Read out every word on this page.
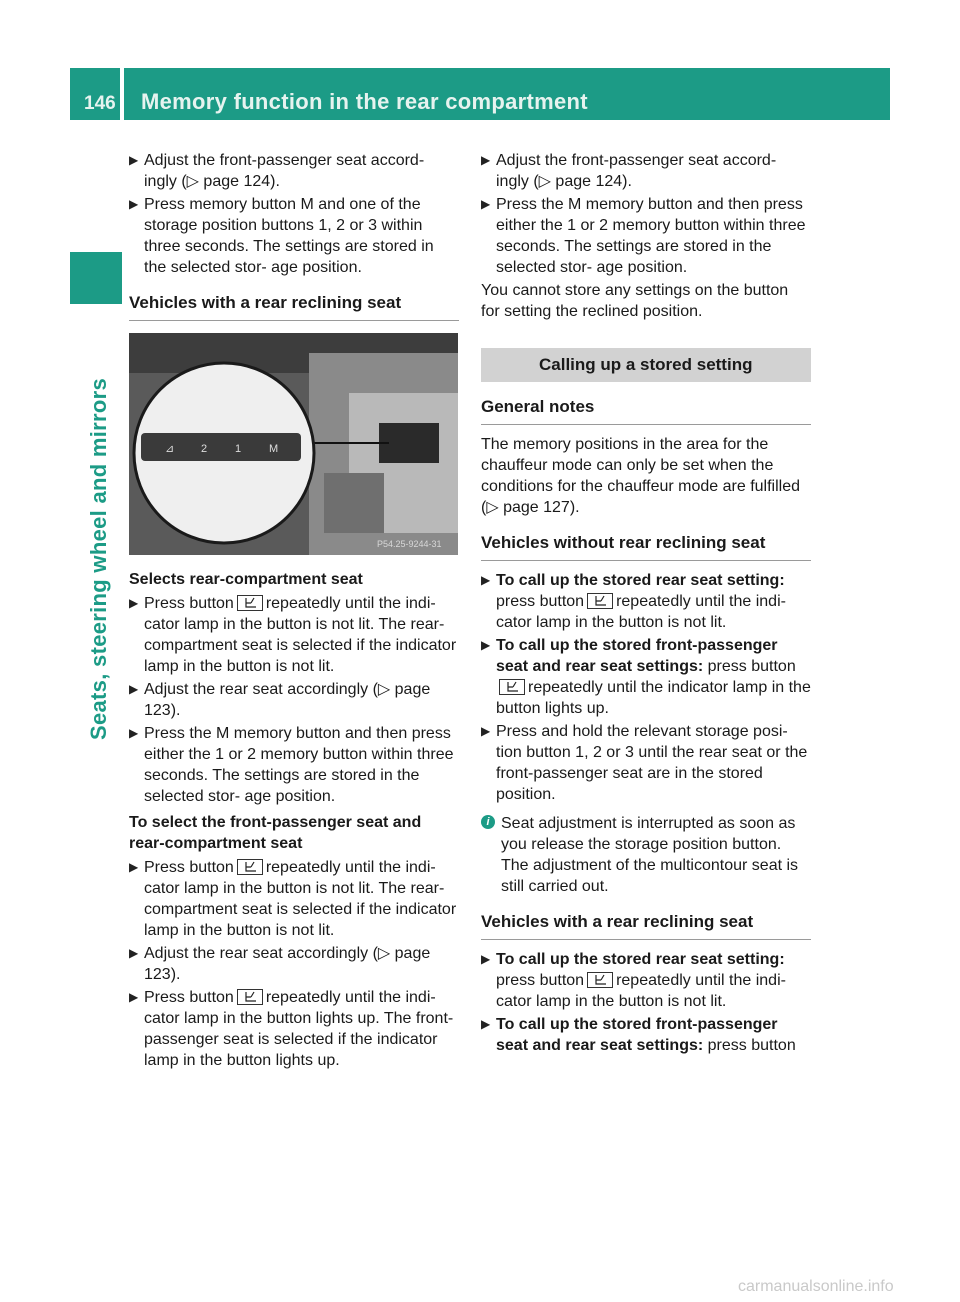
146 Memory function in the rear compartment
Seats, steering wheel and mirrors
▶ Adjust the front-passenger seat accord- ingly (▷ page 124).
▶ Press memory button M and one of the storage position buttons 1, 2 or 3 within three seconds. The settings are stored in the selected stor- age position.
Vehicles with a rear reclining seat
⊿ 2	1	M
P54.25-9244-31
Selects rear-compartment seat
▶ Press button repeatedly until the indi- cator lamp in the button is not lit. The rear-compartment seat is selected if the indicator lamp in the button is not lit.
▶ Adjust the rear seat accordingly (▷ page 123).
▶ Press the M memory button and then press either the 1 or 2 memory button within three seconds. The settings are stored in the selected stor- age position.
To select the front-passenger seat and rear-compartment seat
▶ Press button repeatedly until the indi- cator lamp in the button is not lit. The rear-compartment seat is selected if the indicator lamp in the button is not lit.
▶ Adjust the rear seat accordingly (▷ page 123).
▶ Press button repeatedly until the indi- cator lamp in the button lights up. The front-passenger seat is selected if the indicator lamp in the button lights up.
▶ Adjust the front-passenger seat accord- ingly (▷ page 124).
▶ Press the M memory button and then press either the 1 or 2 memory button within three seconds. The settings are stored in the selected stor- age position.

You cannot store any settings on the button for setting the reclined position.

Calling up a stored setting
General notes

The memory positions in the area for the chauffeur mode can only be set when the conditions for the chauffeur mode are fulfilled (▷ page 127).

Vehicles without rear reclining seat
▶ To call up the stored rear seat setting: press button repeatedly until the indi- cator lamp in the button is not lit.
▶ To call up the stored front-passenger seat and rear seat settings: press button
repeatedly until the indicator lamp in the button lights up.
▶ Press and hold the relevant storage posi- tion button 1, 2 or 3 until the rear seat or the front-passenger seat are in the stored position.
i Seat adjustment is interrupted as soon as you release the storage position button. The adjustment of the multicontour seat is still carried out.
Vehicles with a rear reclining seat
▶ To call up the stored rear seat setting: press button repeatedly until the indi- cator lamp in the button is not lit.
▶ To call up the stored front-passenger seat and rear seat settings: press button
carmanualsonline.info
